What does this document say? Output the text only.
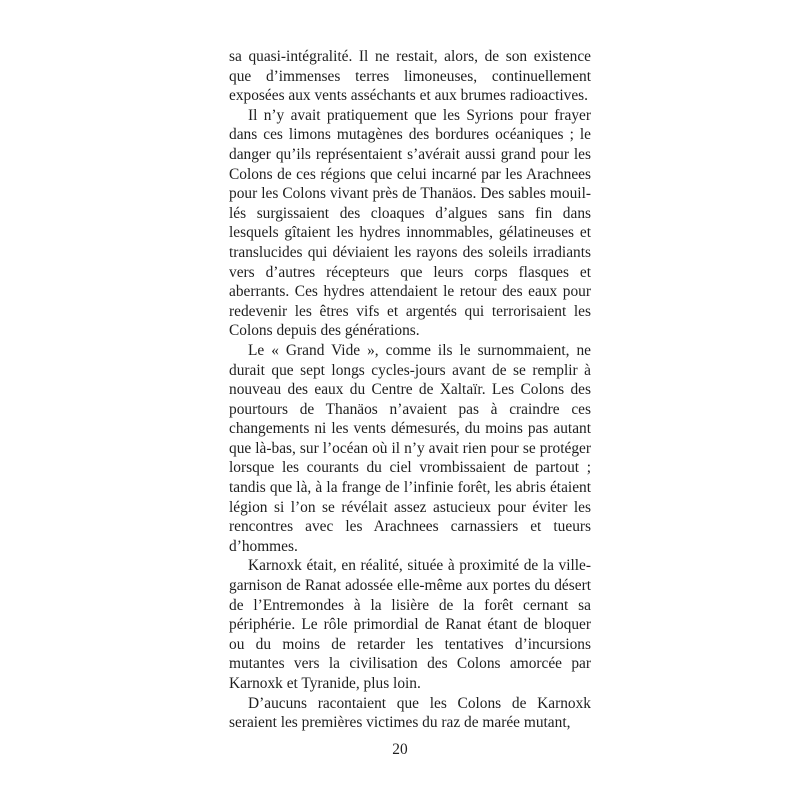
sa quasi-intégralité. Il ne restait, alors, de son existence que d’immenses terres limoneuses, continuellement exposées aux vents asséchants et aux brumes radioactives.

Il n’y avait pratiquement que les Syrions pour frayer dans ces limons mutagènes des bordures océaniques ; le danger qu’ils représentaient s’avérait aussi grand pour les Colons de ces régions que celui incarné par les Arachnees pour les Colons vivant près de Thanäos. Des sables mouillés surgissaient des cloaques d’algues sans fin dans lesquels gîtaient les hydres innommables, gélatineuses et translucides qui déviaient les rayons des soleils irradiants vers d’autres récepteurs que leurs corps flasques et aberrants. Ces hydres attendaient le retour des eaux pour redevenir les êtres vifs et argentés qui terrorisaient les Colons depuis des générations.

Le « Grand Vide », comme ils le surnommaient, ne durait que sept longs cycles-jours avant de se remplir à nouveau des eaux du Centre de Xaltaïr. Les Colons des pourtours de Thanäos n’avaient pas à craindre ces changements ni les vents démesurés, du moins pas autant que là-bas, sur l’océan où il n’y avait rien pour se protéger lorsque les courants du ciel vrombissaient de partout ; tandis que là, à la frange de l’infinie forêt, les abris étaient légion si l’on se révélait assez astucieux pour éviter les rencontres avec les Arachnees carnassiers et tueurs d’hommes.

Karnoxk était, en réalité, située à proximité de la ville-garnison de Ranat adossée elle-même aux portes du désert de l’Entremondes à la lisière de la forêt cernant sa périphérie. Le rôle primordial de Ranat étant de bloquer ou du moins de retarder les tentatives d’incursions mutantes vers la civilisation des Colons amorcée par Karnoxk et Tyranide, plus loin.

D’aucuns racontaient que les Colons de Karnoxk seraient les premières victimes du raz de marée mutant,

20
